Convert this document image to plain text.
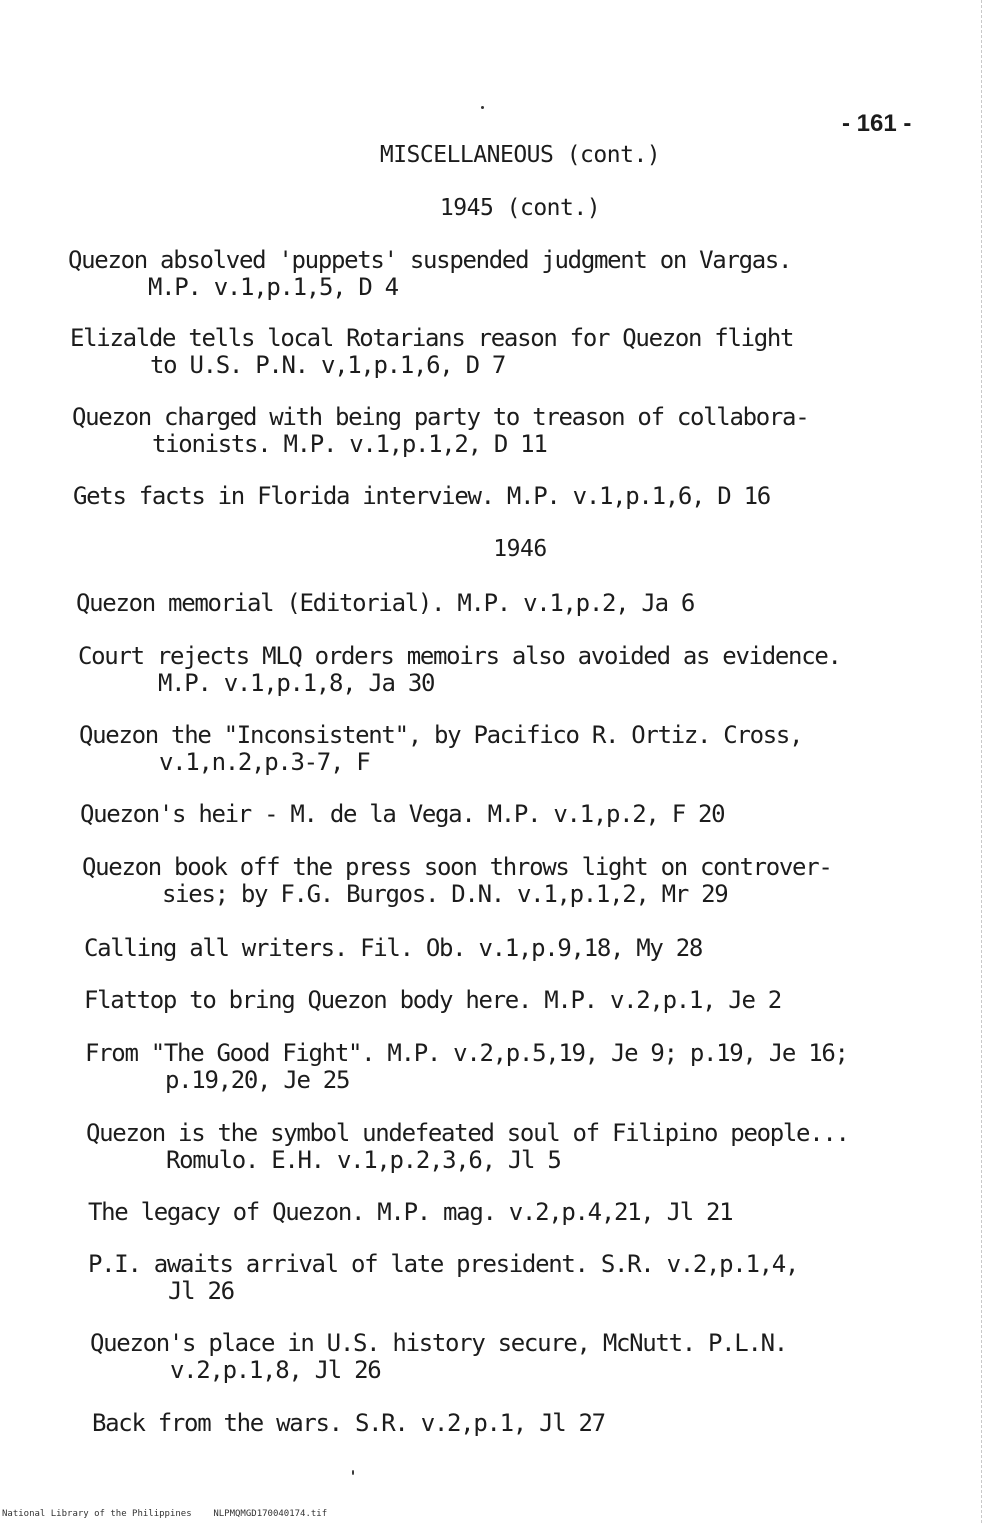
- 161 -
MISCELLANEOUS (cont.)
1945 (cont.)
Quezon absolved 'puppets' suspended judgment on Vargas.
M.P. v.1,p.1,5, D 4
Elizalde tells local Rotarians reason for Quezon flight
to U.S. P.N. v,1,p.1,6, D 7
Quezon charged with being party to treason of collabora-
tionists. M.P. v.1,p.1,2, D 11
Gets facts in Florida interview. M.P. v.1,p.1,6, D 16
1946
Quezon memorial (Editorial). M.P. v.1,p.2, Ja 6
Court rejects MLQ orders memoirs also avoided as evidence.
M.P. v.1,p.1,8, Ja 30
Quezon the "Inconsistent", by Pacifico R. Ortiz. Cross,
v.1,n.2,p.3-7, F
Quezon's heir - M. de la Vega. M.P. v.1,p.2, F 20
Quezon book off the press soon throws light on controver-
sies; by F.G. Burgos. D.N. v.1,p.1,2, Mr 29
Calling all writers. Fil. Ob. v.1,p.9,18, My 28
Flattop to bring Quezon body here. M.P. v.2,p.1, Je 2
From "The Good Fight". M.P. v.2,p.5,19, Je 9; p.19, Je 16;
p.19,20, Je 25
Quezon is the symbol undefeated soul of Filipino people...
Romulo. E.H. v.1,p.2,3,6, Jl 5
The legacy of Quezon. M.P. mag. v.2,p.4,21, Jl 21
P.I. awaits arrival of late president. S.R. v.2,p.1,4,
Jl 26
Quezon's place in U.S. history secure, McNutt. P.L.N.
v.2,p.1,8, Jl 26
Back from the wars. S.R. v.2,p.1, Jl 27
National Library of the Philippines NLPMQMGD170040174.tif
